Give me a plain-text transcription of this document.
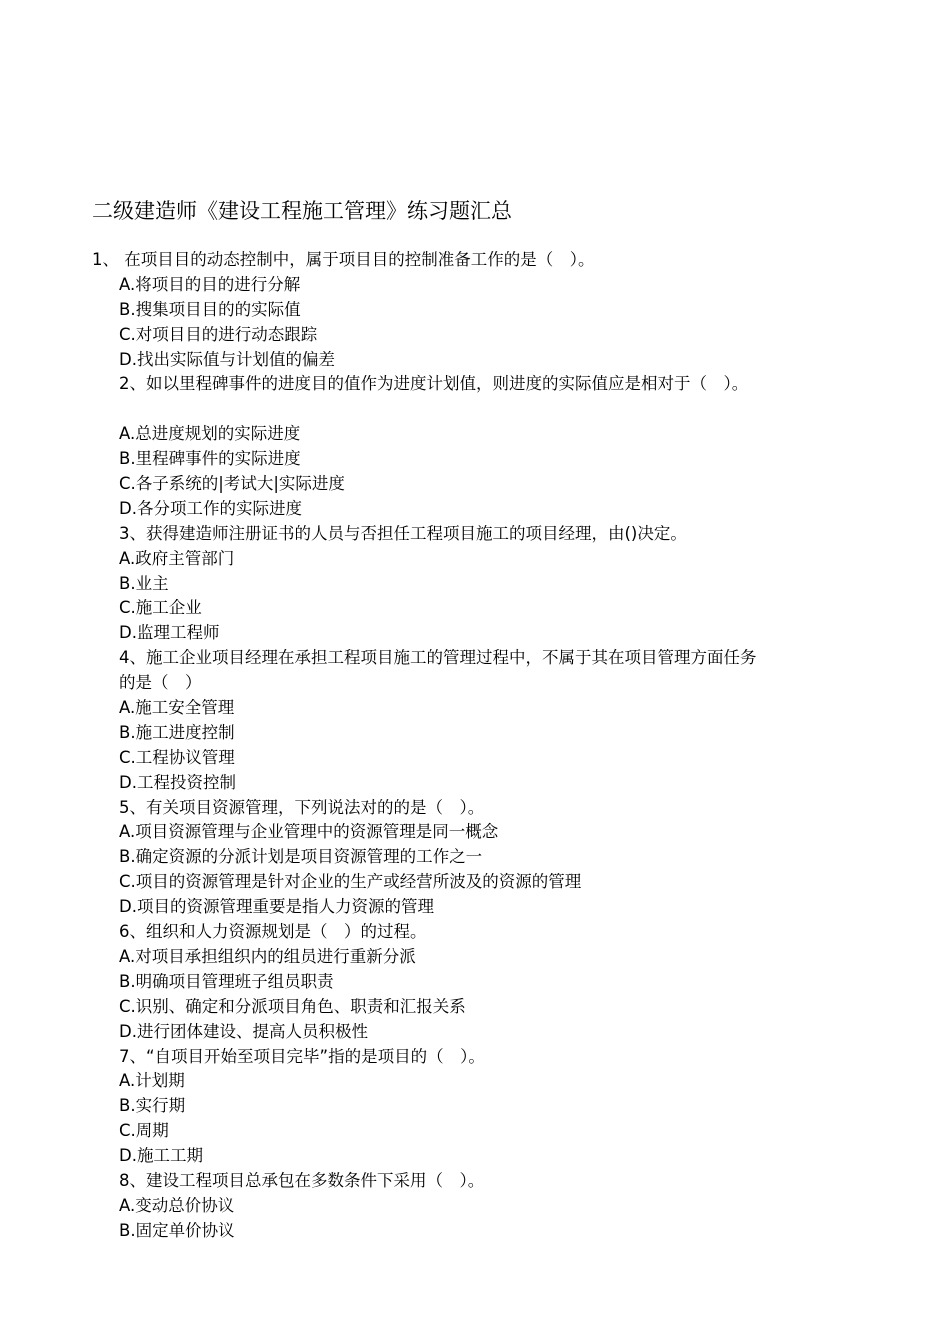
二级建造师《建设工程施工管理》练习题汇总
1、 在项目目的动态控制中，属于项目目的控制准备工作的是（　）。
A.将项目的目的进行分解
B.搜集项目目的的实际值
C.对项目目的进行动态跟踪
D.找出实际值与计划值的偏差
2、如以里程碑事件的进度目的值作为进度计划值，则进度的实际值应是相对于（　）。
A.总进度规划的实际进度
B.里程碑事件的实际进度
C.各子系统的|考试大|实际进度
D.各分项工作的实际进度
3、获得建造师注册证书的人员与否担任工程项目施工的项目经理，由()决定。
A.政府主管部门
B.业主
C.施工企业
D.监理工程师
4、施工企业项目经理在承担工程项目施工的管理过程中，不属于其在项目管理方面任务
的是（　）
A.施工安全管理
B.施工进度控制
C.工程协议管理
D.工程投资控制
5、有关项目资源管理，下列说法对的的是（　）。
A.项目资源管理与企业管理中的资源管理是同一概念
B.确定资源的分派计划是项目资源管理的工作之一
C.项目的资源管理是针对企业的生产或经营所波及的资源的管理
D.项目的资源管理重要是指人力资源的管理
6、组织和人力资源规划是（　）的过程。
A.对项目承担组织内的组员进行重新分派
B.明确项目管理班子组员职责
C.识别、确定和分派项目角色、职责和汇报关系
D.进行团体建设、提高人员积极性
7、“自项目开始至项目完毕”指的是项目的（　）。
A.计划期
B.实行期
C.周期
D.施工工期
8、建设工程项目总承包在多数条件下采用（　）。
A.变动总价协议
B.固定单价协议
